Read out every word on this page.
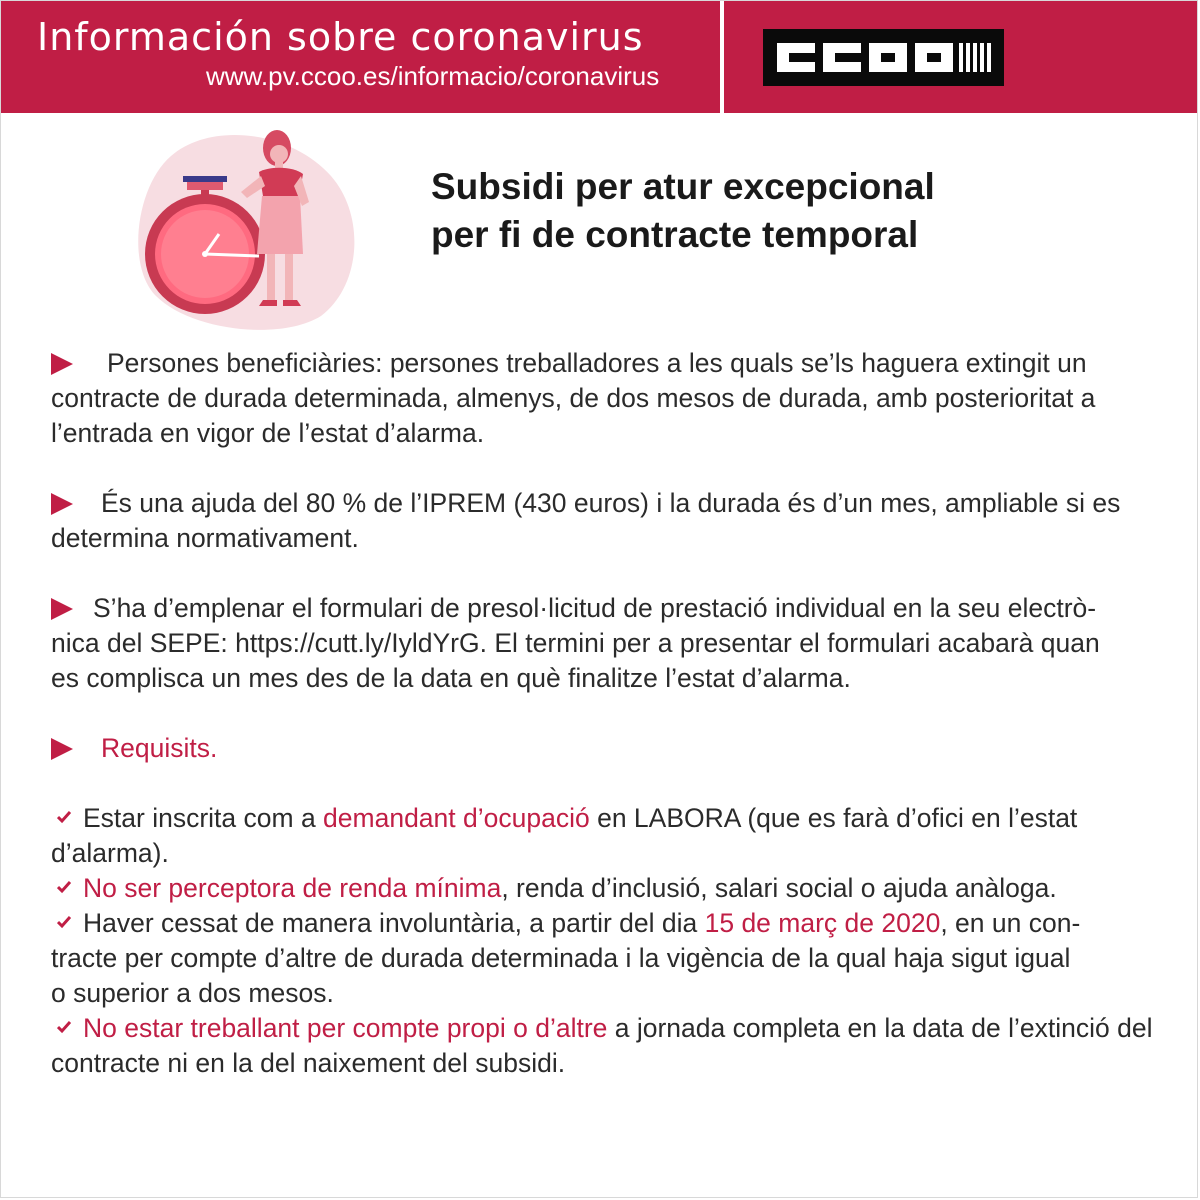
Información sobre coronavirus
www.pv.ccoo.es/informacio/coronavirus
Subsidi per atur excepcional
per fi de contracte temporal
Persones beneficiàries: persones treballadores a les quals se’ls haguera extingit un contracte de durada determinada, almenys, de dos mesos de durada, amb posterioritat a l’entrada en vigor de l’estat d’alarma.
És una ajuda del 80 % de l’IPREM (430 euros) i la durada és d’un mes, ampliable si es determina normativament.
S’ha d’emplenar el formulari de presol·licitud de prestació individual en la seu electrò-
nica del SEPE: https://cutt.ly/IyldYrG. El termini per a presentar el formulari acabarà quan
es complisca un mes des de la data en què finalitze l’estat d’alarma.
Requisits.
Estar inscrita com a demandant d’ocupació en LABORA (que es farà d’ofici en l’estat d’alarma).
No ser perceptora de renda mínima, renda d’inclusió, salari social o ajuda anàloga.
Haver cessat de manera involuntària, a partir del dia 15 de març de 2020, en un con-
tracte per compte d’altre de durada determinada i la vigència de la qual haja sigut igual
o superior a dos mesos.
No estar treballant per compte propi o d’altre a jornada completa en la data de l’extinció del contracte ni en la del naixement del subsidi.
